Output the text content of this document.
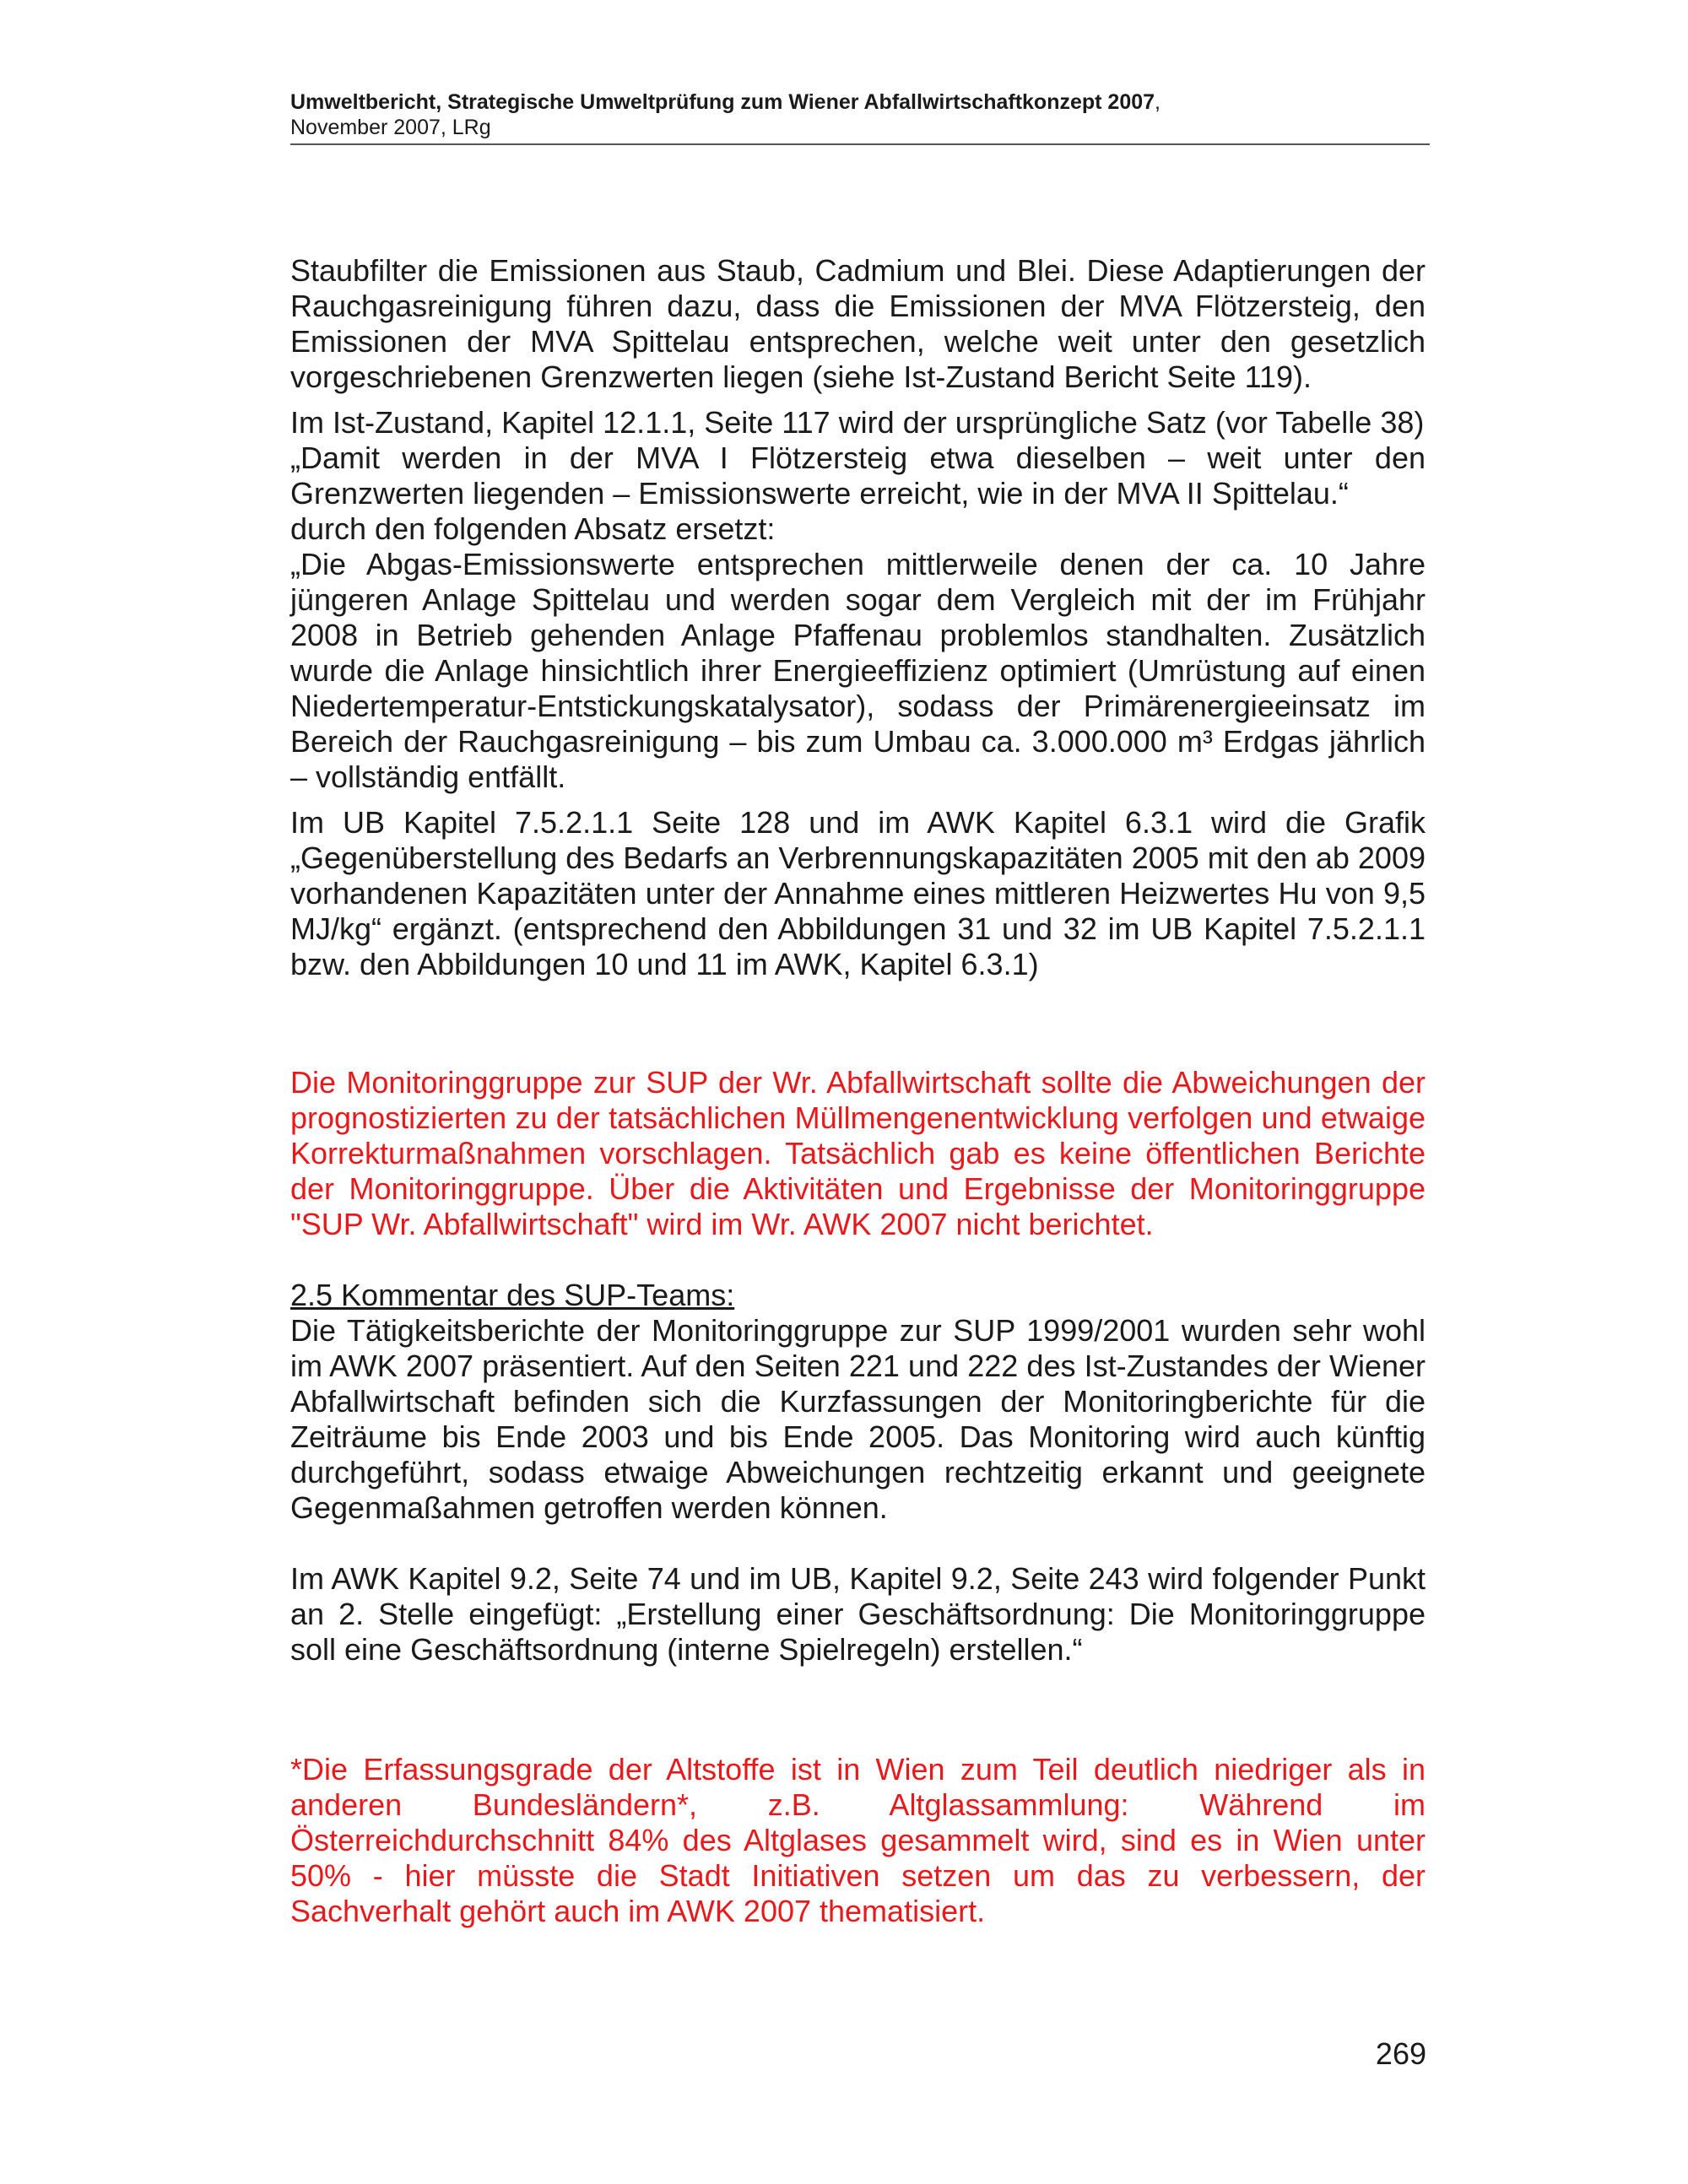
Umweltbericht, Strategische Umweltprüfung zum Wiener Abfallwirtschaftkonzept 2007,
November 2007, LRg

Staubfilter die Emissionen aus Staub, Cadmium und Blei. Diese Adaptierungen der Rauchgasreinigung führen dazu, dass die Emissionen der MVA Flötzersteig, den Emissionen der MVA Spittelau entsprechen, welche weit unter den gesetzlich vorgeschriebenen Grenzwerten liegen (siehe Ist-Zustand Bericht Seite 119).

Im Ist-Zustand, Kapitel 12.1.1, Seite 117 wird der ursprüngliche Satz (vor Tabelle 38)

„Damit werden in der MVA I Flötzersteig etwa dieselben – weit unter den Grenzwerten liegenden – Emissionswerte erreicht, wie in der MVA II Spittelau.“

durch den folgenden Absatz ersetzt:

„Die Abgas-Emissionswerte entsprechen mittlerweile denen der ca. 10 Jahre jüngeren Anlage Spittelau und werden sogar dem Vergleich mit der im Frühjahr 2008 in Betrieb gehenden Anlage Pfaffenau problemlos standhalten. Zusätzlich wurde die Anlage hinsichtlich ihrer Energieeffizienz optimiert (Umrüstung auf einen Niedertemperatur-Entstickungskatalysator), sodass der Primärenergieeinsatz im Bereich der Rauchgasreinigung – bis zum Umbau ca. 3.000.000 m³ Erdgas jährlich – vollständig entfällt.

Im UB Kapitel 7.5.2.1.1 Seite 128 und im AWK Kapitel 6.3.1 wird die Grafik „Gegenüberstellung des Bedarfs an Verbrennungskapazitäten 2005 mit den ab 2009 vorhandenen Kapazitäten unter der Annahme eines mittleren Heizwertes Hu von 9,5 MJ/kg“ ergänzt. (entsprechend den Abbildungen 31 und 32 im UB Kapitel 7.5.2.1.1 bzw. den Abbildungen 10 und 11 im AWK, Kapitel 6.3.1)

Die Monitoringgruppe zur SUP der Wr. Abfallwirtschaft sollte die Abweichungen der prognostizierten zu der tatsächlichen Müllmengenentwicklung verfolgen und etwaige Korrekturmaßnahmen vorschlagen. Tatsächlich gab es keine öffentlichen Berichte der Monitoringgruppe. Über die Aktivitäten und Ergebnisse der Monitoringgruppe "SUP Wr. Abfallwirtschaft" wird im Wr. AWK 2007 nicht berichtet.

2.5 Kommentar des SUP-Teams:

Die Tätigkeitsberichte der Monitoringgruppe zur SUP 1999/2001 wurden sehr wohl im AWK 2007 präsentiert. Auf den Seiten 221 und 222 des Ist-Zustandes der Wiener Abfallwirtschaft befinden sich die Kurzfassungen der Monitoringberichte für die Zeiträume bis Ende 2003 und bis Ende 2005. Das Monitoring wird auch künftig durchgeführt, sodass etwaige Abweichungen rechtzeitig erkannt und geeignete Gegenmaßahmen getroffen werden können.

Im AWK Kapitel 9.2, Seite 74 und im UB, Kapitel 9.2, Seite 243 wird folgender Punkt an 2. Stelle eingefügt: „Erstellung einer Geschäftsordnung: Die Monitoringgruppe soll eine Geschäftsordnung (interne Spielregeln) erstellen.“

*Die Erfassungsgrade der Altstoffe ist in Wien zum Teil deutlich niedriger als in anderen Bundesländern*, z.B. Altglassammlung: Während im Österreichdurchschnitt 84% des Altglases gesammelt wird, sind es in Wien unter 50% - hier müsste die Stadt Initiativen setzen um das zu verbessern, der Sachverhalt gehört auch im AWK 2007 thematisiert.

269
